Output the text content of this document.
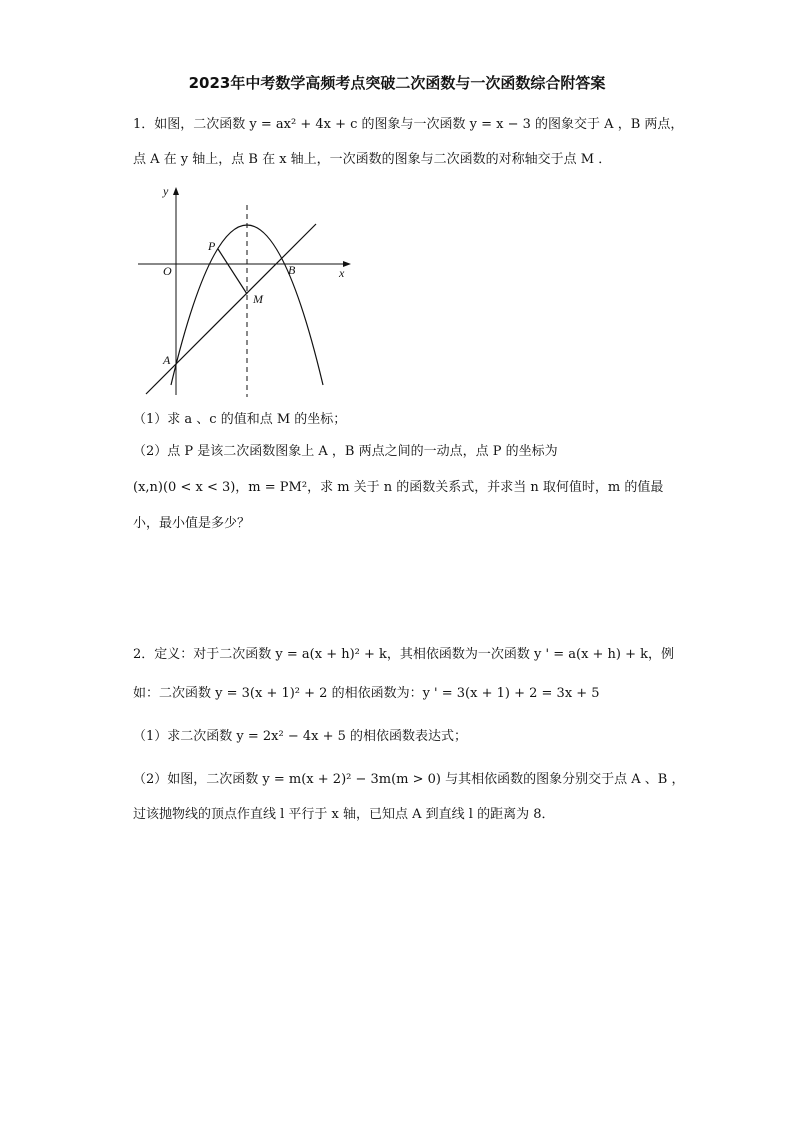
2023年中考数学高频考点突破二次函数与一次函数综合附答案
1．如图，二次函数 y = ax² + 4x + c 的图象与一次函数 y = x − 3 的图象交于 A ，B 两点，
点 A 在 y 轴上，点 B 在 x 轴上，一次函数的图象与二次函数的对称轴交于点 M ．
y
x
O
P
B
M
A
（1）求 a 、c 的值和点 M 的坐标；
（2）点 P 是该二次函数图象上 A ，B 两点之间的一动点，点 P 的坐标为
(x,n)(0 < x < 3)，m = PM²，求 m 关于 n 的函数关系式，并求当 n 取何值时，m 的值最
小，最小值是多少？
2．定义：对于二次函数 y = a(x + h)² + k，其相依函数为一次函数 y ' = a(x + h) + k，例
如：二次函数 y = 3(x + 1)² + 2 的相依函数为：y ' = 3(x + 1) + 2 = 3x + 5
（1）求二次函数 y = 2x² − 4x + 5 的相依函数表达式；
（2）如图，二次函数 y = m(x + 2)² − 3m(m > 0) 与其相依函数的图象分别交于点 A 、B ，
过该抛物线的顶点作直线 l 平行于 x 轴，已知点 A 到直线 l 的距离为 8．
